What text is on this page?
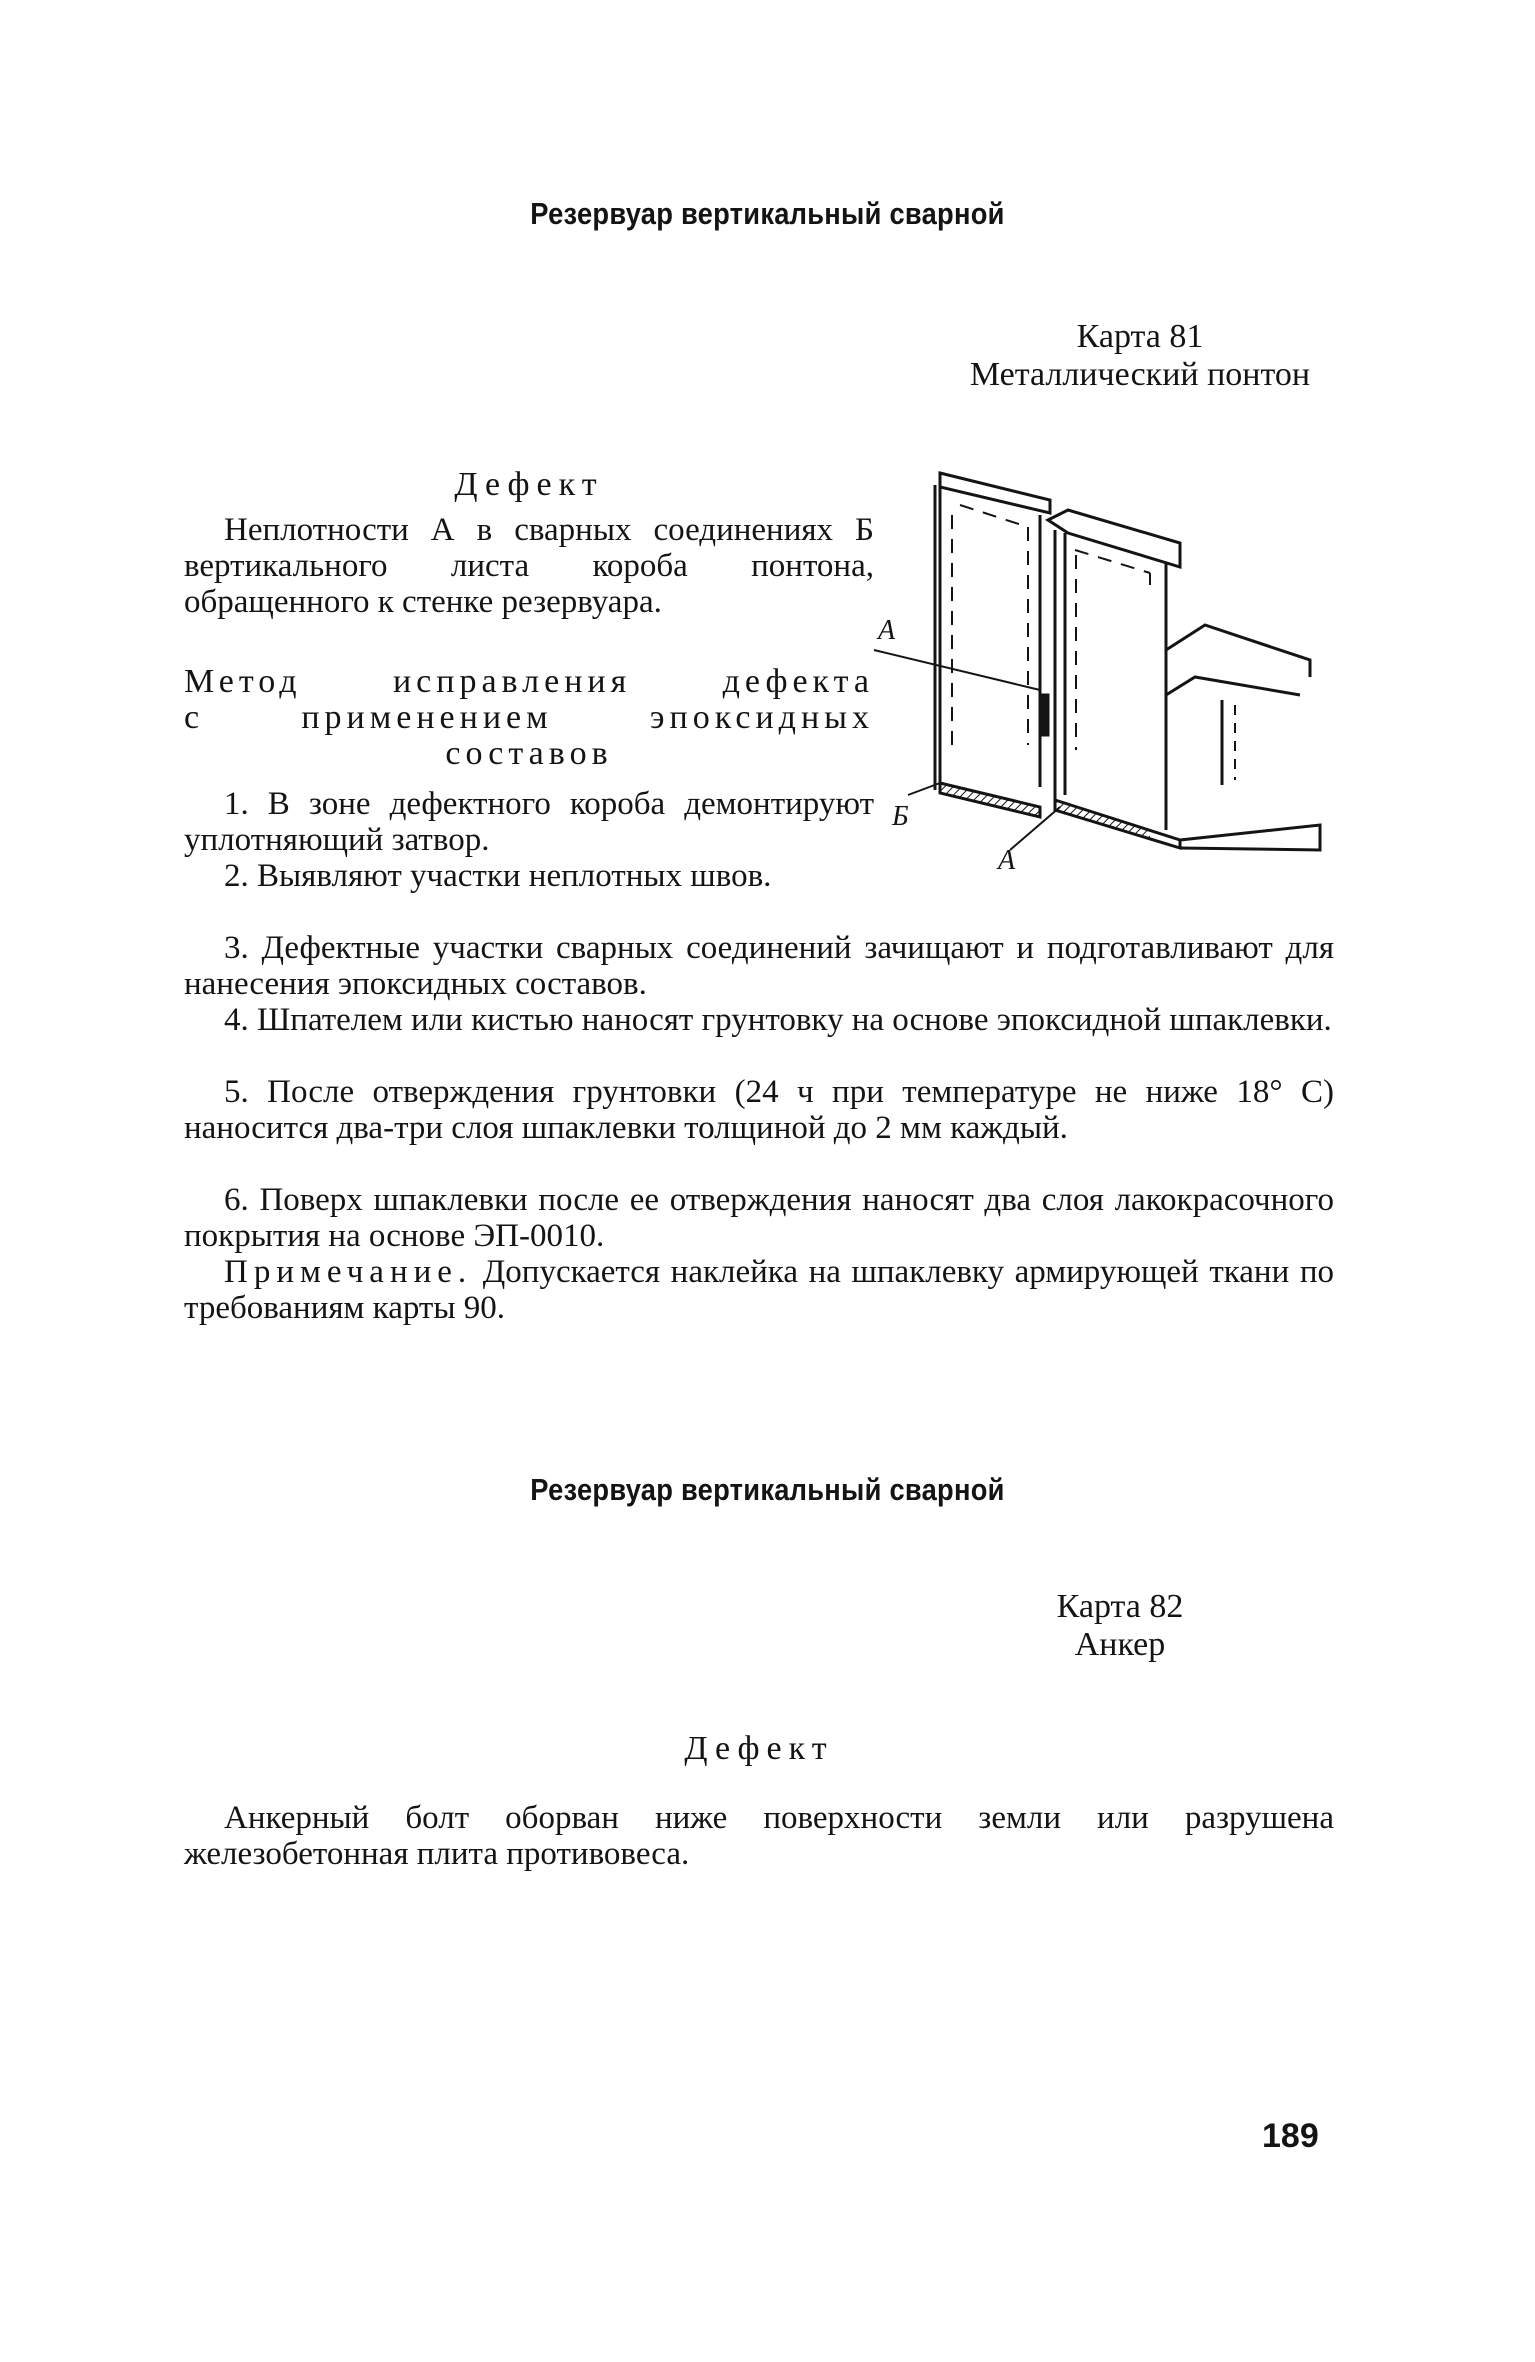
Резервуар вертикальный сварной
Карта 81
Металлический понтон
Дефект

Неплотности А в сварных соединениях Б вертикального листа короба понтона, обращенного к стенке резервуара.

Метод исправления дефекта
с применением эпоксидных
составов

1. В зоне дефектного короба демонтируют уплотняющий затвор.

2. Выявляют участки неплотных швов.

3. Дефектные участки сварных соединений зачищают и подготавливают для нанесения эпоксидных составов.

4. Шпателем или кистью наносят грунтовку на основе эпоксидной шпаклевки.

5. После отверждения грунтовки (24 ч при температуре не ниже 18° С) наносится два-три слоя шпаклевки толщиной до 2 мм каждый.

6. Поверх шпаклевки после ее отверждения наносят два слоя лакокрасочного покрытия на основе ЭП-0010.

Примечание. Допускается наклейка на шпаклевку армирующей ткани по требованиям карты 90.

А
Б
А
Резервуар вертикальный сварной
Карта 82
Анкер
Дефект

Анкерный болт оборван ниже поверхности земли или разрушена железобетонная плита противовеса.

189
